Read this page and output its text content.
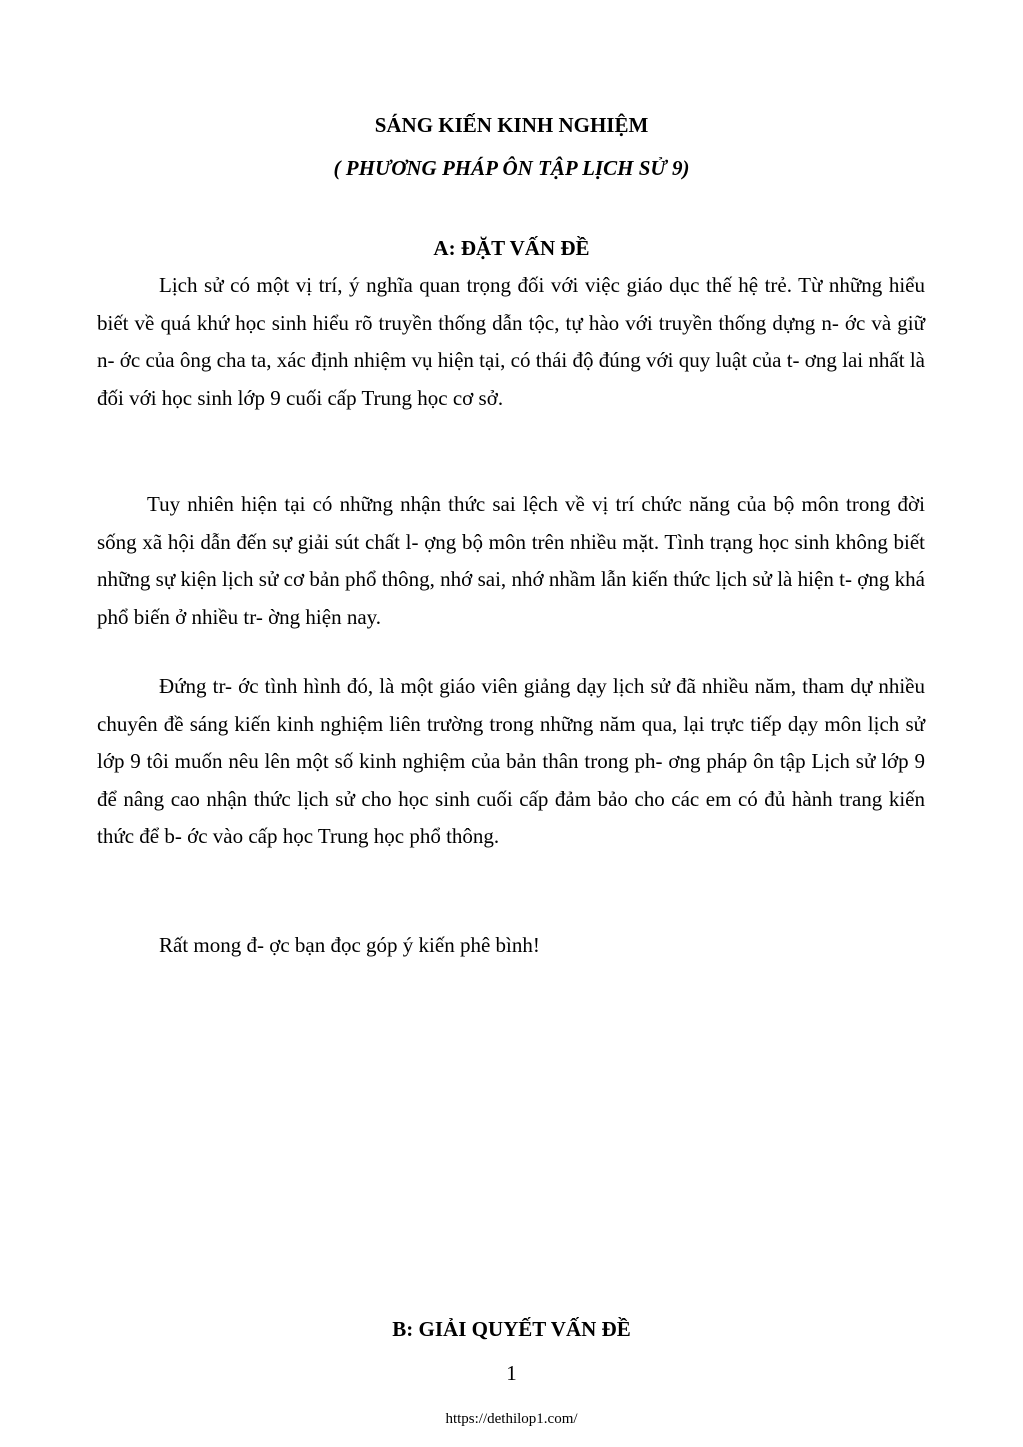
SÁNG KIẾN KINH NGHIỆM
( PHƯƠNG PHÁP ÔN TẬP LỊCH SỬ 9)
A: ĐẶT VẤN ĐỀ

Lịch sử có một vị trí, ý nghĩa quan trọng đối với việc giáo dục thế hệ trẻ. Từ những hiểu biết về quá khứ học sinh hiểu rõ truyền thống dẫn tộc, tự hào với truyền thống dựng n- ớc và giữ n- ớc của ông cha ta, xác định nhiệm vụ hiện tại, có thái độ đúng với quy luật của t- ơng lai nhất là đối với học sinh lớp 9 cuối cấp Trung học cơ sở.

Tuy nhiên hiện tại có những nhận thức sai lệch về vị trí chức năng của bộ môn trong đời sống xã hội dẫn đến sự giải sút chất l- ợng bộ môn trên nhiều mặt. Tình trạng học sinh không biết những sự kiện lịch sử cơ bản phổ thông, nhớ sai, nhớ nhầm lẫn kiến thức lịch sử là hiện t- ợng khá phổ biến ở nhiều tr- ờng hiện nay.

Đứng tr- ớc tình hình đó, là một giáo viên giảng dạy lịch sử đã nhiều năm, tham dự nhiều chuyên đề sáng kiến kinh nghiệm liên trường trong những năm qua, lại trực tiếp dạy môn lịch sử lớp 9 tôi muốn nêu lên một số kinh nghiệm của bản thân trong ph- ơng pháp ôn tập Lịch sử lớp 9 để nâng cao nhận thức lịch sử cho học sinh cuối cấp đảm bảo cho các em có đủ hành trang kiến thức để b- ớc vào cấp học Trung học phổ thông.

Rất mong đ- ợc bạn đọc góp ý kiến phê bình!

B: GIẢI QUYẾT VẤN ĐỀ
1
https://dethilop1.com/
